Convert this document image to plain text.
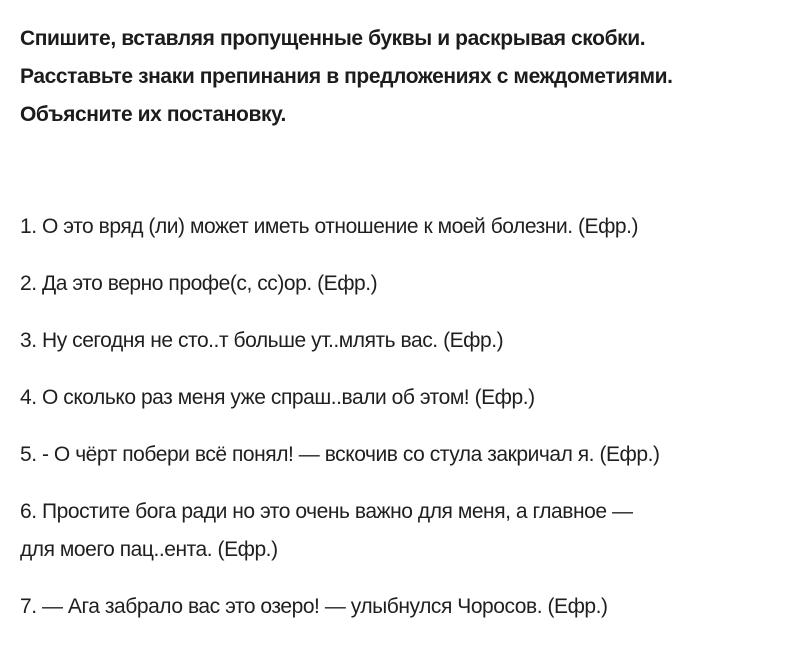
Спишите, вставляя пропущенные буквы и раскрывая скобки.
Расставьте знаки препинания в предложениях с междометиями.
Объясните их постановку.
1. О это вряд (ли) может иметь отношение к моей болезни. (Ефр.)
2. Да это верно профе(с, сс)ор. (Ефр.)
3. Ну сегодня не сто..т больше ут..млять вас. (Ефр.)
4. О сколько раз меня уже спраш..вали об этом! (Ефр.)
5. - О чёрт побери всё понял! — вскочив со стула закричал я. (Ефр.)
6. Простите бога ради но это очень важно для меня, а главное —
для моего пац..ента. (Ефр.)
7. — Ага забрало вас это озеро! — улыбнулся Чоросов. (Ефр.)
